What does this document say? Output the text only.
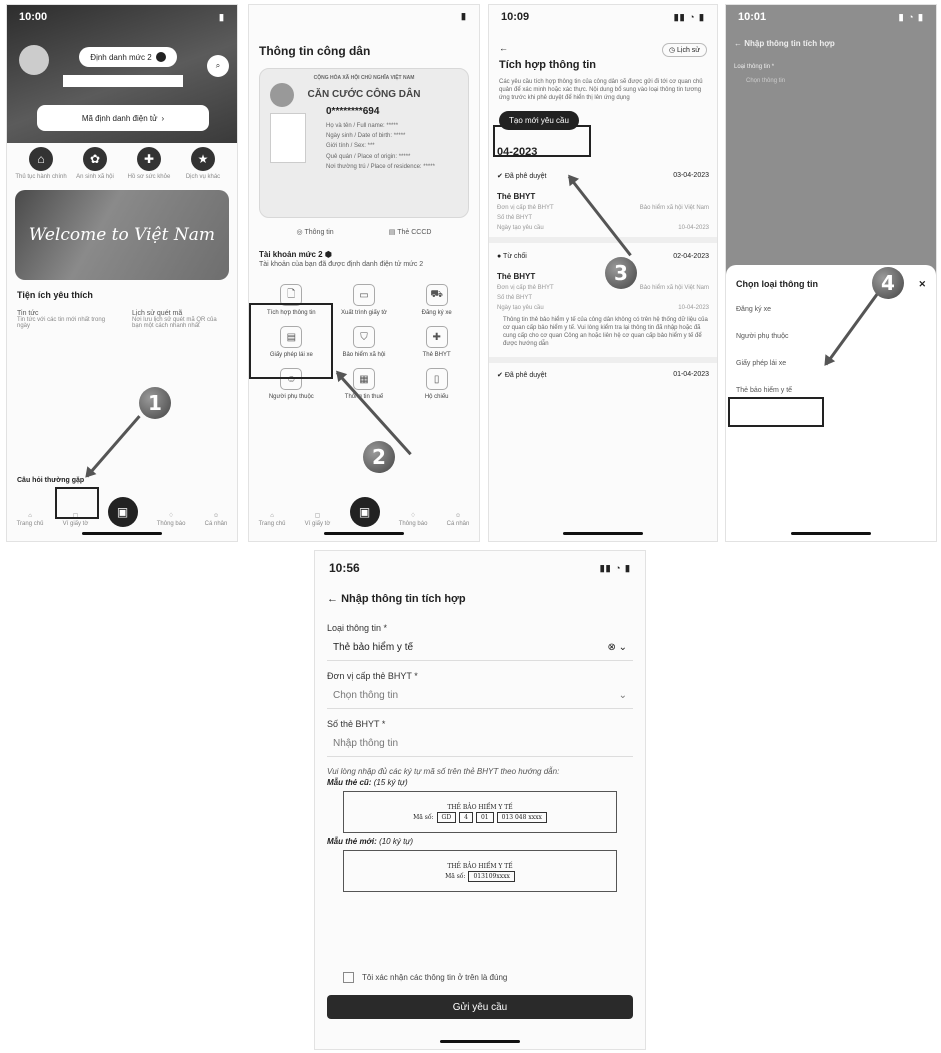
10:00	▮
Định danh mức 2
⌕
Mã định danh điện tử ›
⌂
Thủ tục hành chính
✿
An sinh xã hội
✚
Hồ sơ sức khỏe
★
Dịch vụ khác
Welcome to Việt Nam
Tiện ích yêu thích
Tin tức
Tin tức với các tin mới nhất trong ngày
Lịch sử quét mã
Nơi lưu lịch sử quét mã QR của bạn một cách nhanh nhất
Câu hỏi thường gặp
⌂
Trang chủ
▢
Ví giấy tờ
▣	♢
Thông báo
☺
Cá nhân
1
▮
Thông tin công dân
CỘNG HÒA XÃ HỘI CHỦ NGHĨA VIỆT NAM
CĂN CƯỚC CÔNG DÂN
0********694
Họ và tên / Full name: *****
Ngày sinh / Date of birth: *****
Giới tính / Sex: ***
Quê quán / Place of origin: *****
Nơi thường trú / Place of residence: *****
◎ Thông tin	▤ Thẻ CCCD
Tài khoản mức 2 ⬢
Tài khoản của bạn đã được định danh điện tử mức 2
🗋
Tích hợp thông tin
▭
Xuất trình giấy tờ
⛟
Đăng ký xe
▤
Giấy phép lái xe
⛉
Bảo hiểm xã hội
✚
Thẻ BHYT
☺
Người phụ thuộc
▦
Thông tin thuế
▯
Hộ chiếu
⌂
Trang chủ
▢
Ví giấy tờ
▣	♢
Thông báo
☺
Cá nhân
2
10:09	▮▮ ◔ ▮
←	◷ Lịch sử
Tích hợp thông tin
Các yêu cầu tích hợp thông tin của công dân sẽ được gửi đi tới cơ quan chủ quản để xác minh hoặc xác thực. Nội dung bổ sung vào loại thông tin tương ứng trước khi phê duyệt để hiển thị lên ứng dụng
Tạo mới yêu cầu
04-2023
✔ Đã phê duyệt	03-04-2023
Thẻ BHYT
Đơn vị cấp thẻ BHYT	Bảo hiểm xã hội Việt Nam
Số thẻ BHYT
Ngày tạo yêu cầu	10-04-2023
● Từ chối	02-04-2023
Thẻ BHYT
Đơn vị cấp thẻ BHYT	Bảo hiểm xã hội Việt Nam
Số thẻ BHYT
Ngày tạo yêu cầu	10-04-2023
Thông tin thẻ bảo hiểm y tế của công dân không có trên hệ thống dữ liệu của cơ quan cấp bảo hiểm y tế. Vui lòng kiểm tra lại thông tin đã nhập hoặc đã cung cấp cho cơ quan Công an hoặc liên hệ cơ quan cấp bảo hiểm y tế để được hướng dẫn
✔ Đã phê duyệt	01-04-2023
3
10:01	▮ ◔ ▮
← Nhập thông tin tích hợp
Loại thông tin *
Chọn thông tin
Chọn loại thông tin	✕
Đăng ký xe
Người phụ thuộc
Giấy phép lái xe
Thẻ bảo hiểm y tế
4
10:56	▮▮ ◔ ▮
← Nhập thông tin tích hợp
Loại thông tin *
Thẻ bảo hiểm y tế	⊗ ⌄
Đơn vị cấp thẻ BHYT *
Chọn thông tin	⌄
Số thẻ BHYT *
Nhập thông tin
Vui lòng nhập đủ các ký tự mã số trên thẻ BHYT theo hướng dẫn:
Mẫu thẻ cũ: (15 ký tự)
THẺ BẢO HIỂM Y TẾ
Mã số: GD 4 01 013 048 xxxx
Mẫu thẻ mới: (10 ký tự)
THẺ BẢO HIỂM Y TẾ
Mã số: 013109xxxx
Tôi xác nhận các thông tin ở trên là đúng
Gửi yêu cầu
